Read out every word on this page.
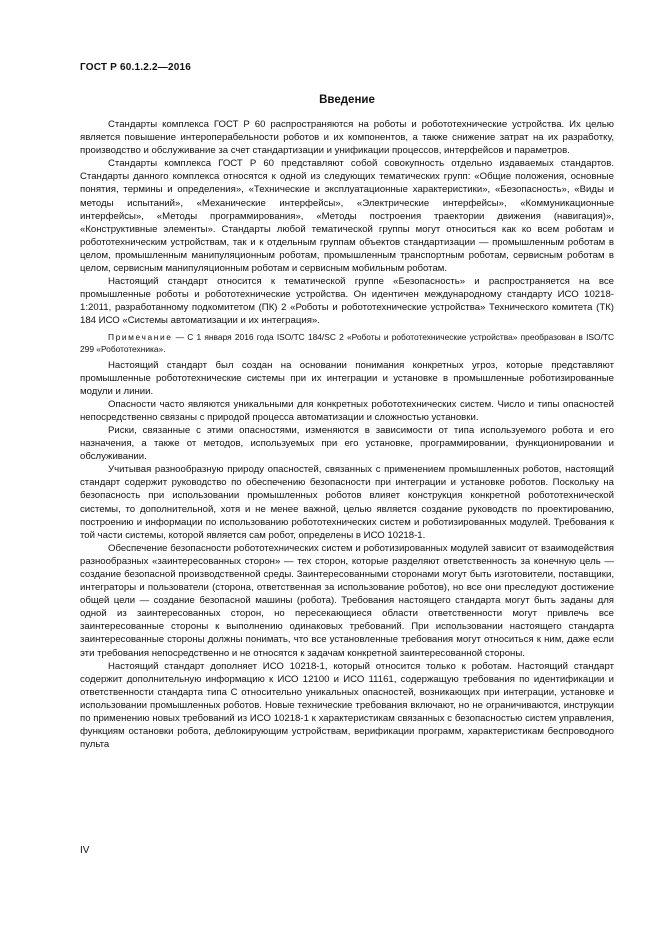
ГОСТ Р 60.1.2.2—2016
Введение

Стандарты комплекса ГОСТ Р 60 распространяются на роботы и робототехнические устройства. Их целью является повышение интероперабельности роботов и их компонентов, а также снижение затрат на их разработку, производство и обслуживание за счет стандартизации и унификации процессов, интерфейсов и параметров.

Стандарты комплекса ГОСТ Р 60 представляют собой совокупность отдельно издаваемых стандартов. Стандарты данного комплекса относятся к одной из следующих тематических групп: «Общие положения, основные понятия, термины и определения», «Технические и эксплуатационные характеристики», «Безопасность», «Виды и методы испытаний», «Механические интерфейсы», «Электрические интерфейсы», «Коммуникационные интерфейсы», «Методы программирования», «Методы построения траектории движения (навигация)», «Конструктивные элементы». Стандарты любой тематической группы могут относиться как ко всем роботам и робототехническим устройствам, так и к отдельным группам объектов стандартизации — промышленным роботам в целом, промышленным манипуляционным роботам, промышленным транспортным роботам, сервисным роботам в целом, сервисным манипуляционным роботам и сервисным мобильным роботам.

Настоящий стандарт относится к тематической группе «Безопасность» и распространяется на все промышленные роботы и робототехнические устройства. Он идентичен международному стандарту ИСО 10218-1:2011, разработанному подкомитетом (ПК) 2 «Роботы и робототехнические устройства» Технического комитета (ТК) 184 ИСО «Системы автоматизации и их интеграция».

Примечание — С 1 января 2016 года ISO/TC 184/SC 2 «Роботы и робототехнические устройства» преобразован в ISO/TC 299 «Робототехника».

Настоящий стандарт был создан на основании понимания конкретных угроз, которые представляют промышленные робототехнические системы при их интеграции и установке в промышленные роботизированные модули и линии.

Опасности часто являются уникальными для конкретных робототехнических систем. Число и типы опасностей непосредственно связаны с природой процесса автоматизации и сложностью установки.

Риски, связанные с этими опасностями, изменяются в зависимости от типа используемого робота и его назначения, а также от методов, используемых при его установке, программировании, функционировании и обслуживании.

Учитывая разнообразную природу опасностей, связанных с применением промышленных роботов, настоящий стандарт содержит руководство по обеспечению безопасности при интеграции и установке роботов. Поскольку на безопасность при использовании промышленных роботов влияет конструкция конкретной робототехнической системы, то дополнительной, хотя и не менее важной, целью является создание руководств по проектированию, построению и информации по использованию робототехнических систем и роботизированных модулей. Требования к той части системы, которой является сам робот, определены в ИСО 10218-1.

Обеспечение безопасности робототехнических систем и роботизированных модулей зависит от взаимодействия разнообразных «заинтересованных сторон» — тех сторон, которые разделяют ответственность за конечную цель — создание безопасной производственной среды. Заинтересованными сторонами могут быть изготовители, поставщики, интеграторы и пользователи (сторона, ответственная за использование роботов), но все они преследуют достижение общей цели — создание безопасной машины (робота). Требования настоящего стандарта могут быть заданы для одной из заинтересованных сторон, но пересекающиеся области ответственности могут привлечь все заинтересованные стороны к выполнению одинаковых требований. При использовании настоящего стандарта заинтересованные стороны должны понимать, что все установленные требования могут относиться к ним, даже если эти требования непосредственно и не относятся к задачам конкретной заинтересованной стороны.

Настоящий стандарт дополняет ИСО 10218-1, который относится только к роботам. Настоящий стандарт содержит дополнительную информацию к ИСО 12100 и ИСО 11161, содержащую требования по идентификации и ответственности стандарта типа С относительно уникальных опасностей, возникающих при интеграции, установке и использовании промышленных роботов. Новые технические требования включают, но не ограничиваются, инструкции по применению новых требований из ИСО 10218-1 к характеристикам связанных с безопасностью систем управления, функциям остановки робота, деблокирующим устройствам, верификации программ, характеристикам беспроводного пульта

IV
